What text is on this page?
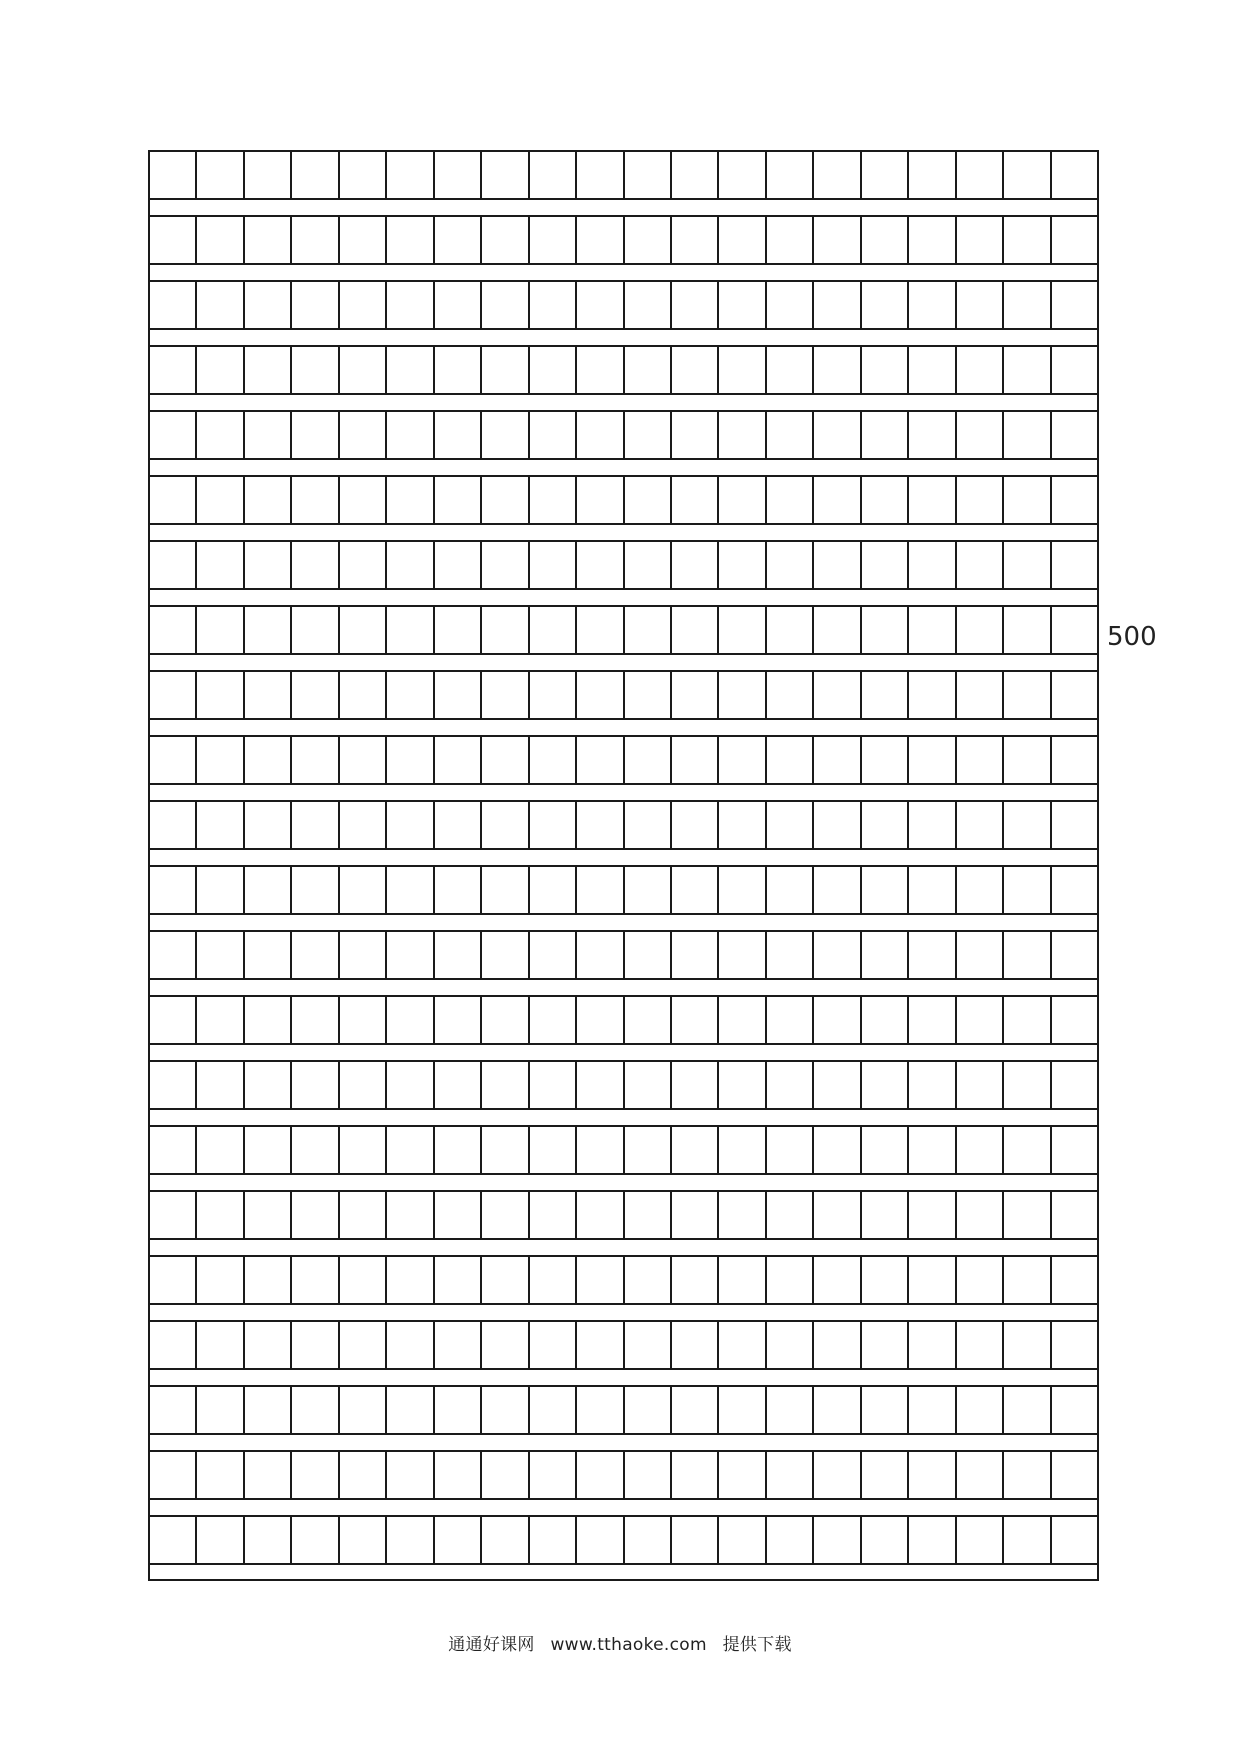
500
通通好课网 www.tthaoke.com 提供下载
